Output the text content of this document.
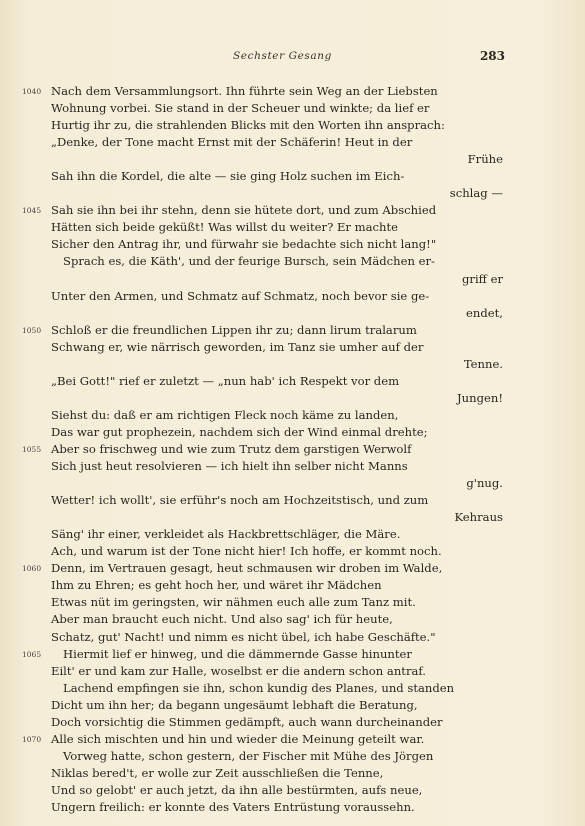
Sechster Gesang	283
1040 Nach dem Versammlungsort. Ihn führte sein Weg an der Liebsten
Wohnung vorbei. Sie stand in der Scheuer und winkte; da lief er
Hurtig ihr zu, die strahlenden Blicks mit den Worten ihn ansprach:
„Denke, der Tone macht Ernst mit der Schäferin! Heut in der
Frühe
Sah ihn die Kordel, die alte — sie ging Holz suchen im Eich-
schlag —
1045 Sah sie ihn bei ihr stehn, denn sie hütete dort, und zum Abschied
Hätten sich beide geküßt! Was willst du weiter? Er machte
Sicher den Antrag ihr, und fürwahr sie bedachte sich nicht lang!"
Sprach es, die Käth', und der feurige Bursch, sein Mädchen er-
griff er
Unter den Armen, und Schmatz auf Schmatz, noch bevor sie ge-
endet,
1050 Schloß er die freundlichen Lippen ihr zu; dann lirum tralarum
Schwang er, wie närrisch geworden, im Tanz sie umher auf der
Tenne.
„Bei Gott!" rief er zuletzt — „nun hab' ich Respekt vor dem
Jungen!
Siehst du: daß er am richtigen Fleck noch käme zu landen,
Das war gut prophezein, nachdem sich der Wind einmal drehte;
1055 Aber so frischweg und wie zum Trutz dem garstigen Werwolf
Sich just heut resolvieren — ich hielt ihn selber nicht Manns
g'nug.
Wetter! ich wollt', sie erführ's noch am Hochzeitstisch, und zum
Kehraus
Säng' ihr einer, verkleidet als Hackbrettschläger, die Märe.
Ach, und warum ist der Tone nicht hier! Ich hoffe, er kommt noch.
1060 Denn, im Vertrauen gesagt, heut schmausen wir droben im Walde,
Ihm zu Ehren; es geht hoch her, und wäret ihr Mädchen
Etwas nüt im geringsten, wir nähmen euch alle zum Tanz mit.
Aber man braucht euch nicht. Und also sag' ich für heute,
Schatz, gut' Nacht! und nimm es nicht übel, ich habe Geschäfte."
1065	Hiermit lief er hinweg, und die dämmernde Gasse hinunter
Eilt' er und kam zur Halle, woselbst er die andern schon antraf.
Lachend empfingen sie ihn, schon kundig des Planes, und standen
Dicht um ihn her; da begann ungesäumt lebhaft die Beratung,
Doch vorsichtig die Stimmen gedämpft, auch wann durcheinander
1070 Alle sich mischten und hin und wieder die Meinung geteilt war.
Vorweg hatte, schon gestern, der Fischer mit Mühe des Jörgen
Niklas bered't, er wolle zur Zeit ausschließen die Tenne,
Und so gelobt' er auch jetzt, da ihn alle bestürmten, aufs neue,
Ungern freilich: er konnte des Vaters Entrüstung voraussehn.
